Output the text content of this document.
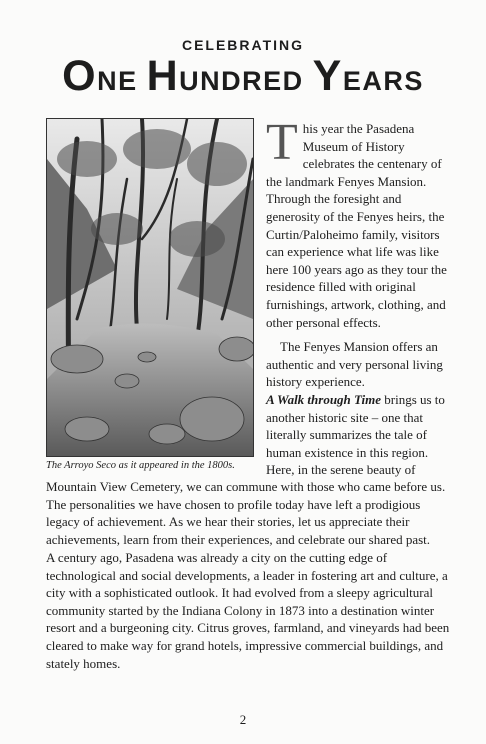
CELEBRATING
ONE HUNDRED YEARS
The Arroyo Seco as it appeared in the 1800s.

This year the Pasadena Museum of History celebrates the centenary of the landmark Fenyes Mansion. Through the foresight and generosity of the Fenyes heirs, the Curtin/Paloheimo family, visitors can experience what life was like here 100 years ago as they tour the residence filled with original furnishings, artwork, clothing, and other personal effects.

The Fenyes Mansion offers an authentic and very personal living history experience.

A Walk through Time brings us to another historic site – one that literally summarizes the tale of human existence in this region. Here, in the serene beauty of

Mountain View Cemetery, we can commune with those who came before us. The personalities we have chosen to profile today have left a prodigious legacy of achievement. As we hear their stories, let us appreciate their achievements, learn from their experiences, and celebrate our shared past.

A century ago, Pasadena was already a city on the cutting edge of technological and social developments, a leader in fostering art and culture, a city with a sophisticated outlook. It had evolved from a sleepy agricultural community started by the Indiana Colony in 1873 into a destination winter resort and a burgeoning city. Citrus groves, farmland, and vineyards had been cleared to make way for grand hotels, impressive commercial buildings, and stately homes.

2
